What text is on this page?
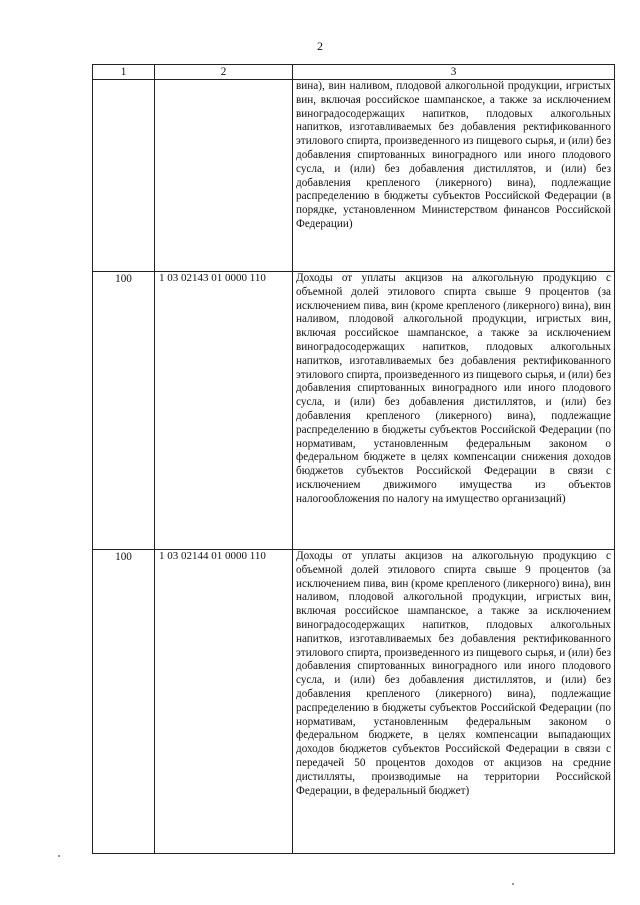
2
1	2	3
		вина), вин наливом, плодовой алкогольной продукции, игристых вин, включая российское шампанское, а также за исключением виноградосодержащих напитков, плодовых алкогольных напитков, изготавливаемых без добавления ректификованного этилового спирта, произведенного из пищевого сырья, и (или) без добавления спиртованных виноградного или иного плодового сусла, и (или) без добавления дистиллятов, и (или) без добавления крепленого (ликерного) вина), подлежащие распределению в бюджеты субъектов Российской Федерации (в порядке, установленном Министерством финансов Российской Федерации)
100	1 03 02143 01 0000 110	Доходы от уплаты акцизов на алкогольную продукцию с объемной долей этилового спирта свыше 9 процентов (за исключением пива, вин (кроме крепленого (ликерного) вина), вин наливом, плодовой алкогольной продукции, игристых вин, включая российское шампанское, а также за исключением виноградосодержащих напитков, плодовых алкогольных напитков, изготавливаемых без добавления ректификованного этилового спирта, произведенного из пищевого сырья, и (или) без добавления спиртованных виноградного или иного плодового сусла, и (или) без добавления дистиллятов, и (или) без добавления крепленого (ликерного) вина), подлежащие распределению в бюджеты субъектов Российской Федерации (по нормативам, установленным федеральным законом о федеральном бюджете в целях компенсации снижения доходов бюджетов субъектов Российской Федерации в связи с исключением движимого имущества из объектов налогообложения по налогу на имущество организаций)
100	1 03 02144 01 0000 110	Доходы от уплаты акцизов на алкогольную продукцию с объемной долей этилового спирта свыше 9 процентов (за исключением пива, вин (кроме крепленого (ликерного) вина), вин наливом, плодовой алкогольной продукции, игристых вин, включая российское шампанское, а также за исключением виноградосодержащих напитков, плодовых алкогольных напитков, изготавливаемых без добавления ректификованного этилового спирта, произведенного из пищевого сырья, и (или) без добавления спиртованных виноградного или иного плодового сусла, и (или) без добавления дистиллятов, и (или) без добавления крепленого (ликерного) вина), подлежащие распределению в бюджеты субъектов Российской Федерации (по нормативам, установленным федеральным законом о федеральном бюджете, в целях компенсации выпадающих доходов бюджетов субъектов Российской Федерации в связи с передачей 50 процентов доходов от акцизов на средние дистилляты, производимые на территории Российской Федерации, в федеральный бюджет)
